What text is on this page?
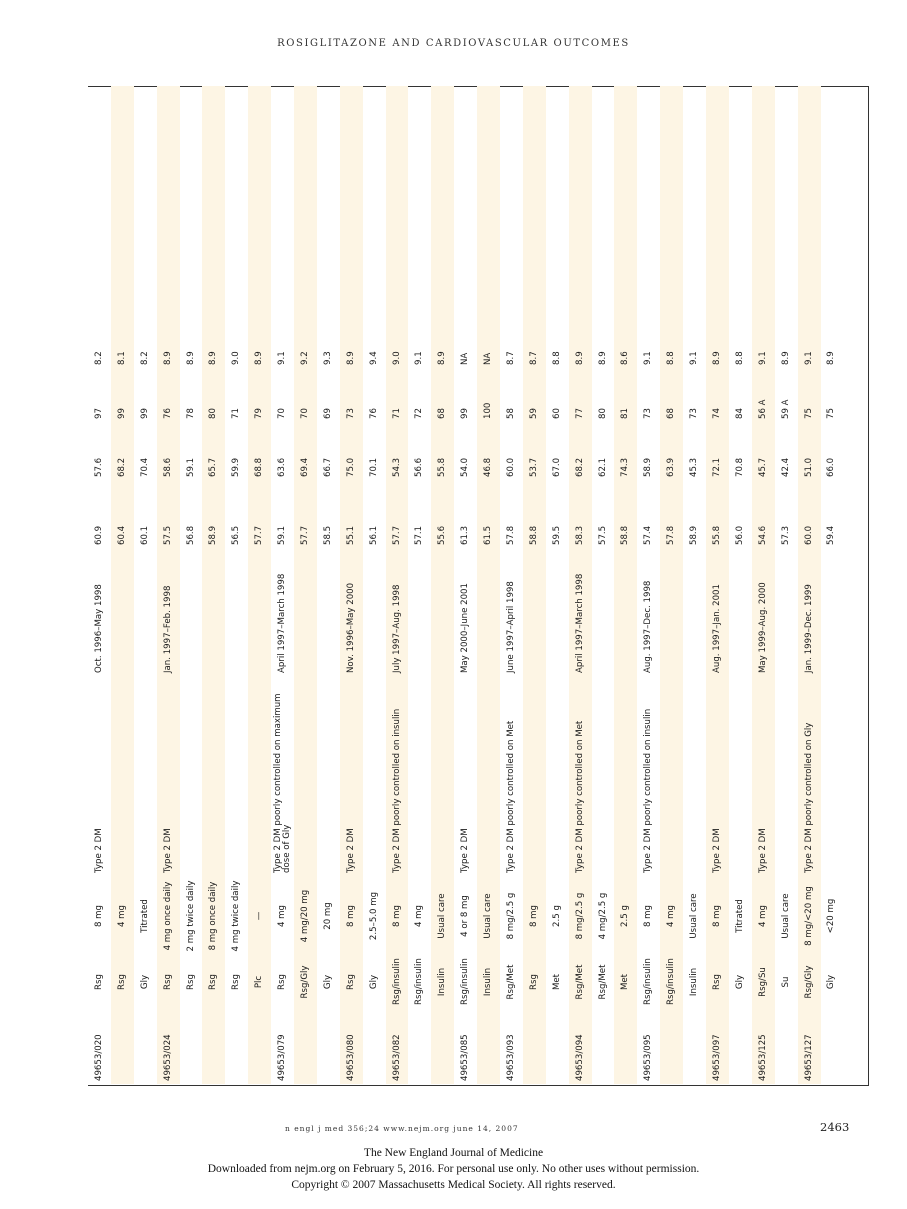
ROSIGLITAZONE AND CARDIOVASCULAR OUTCOMES
49653/020	Rsg	8 mg	Type 2 DM	Oct. 1996–May 1998	60.9	57.6	97	8.2
	Rsg	4 mg			60.4	68.2	99	8.1
	Gly	Titrated			60.1	70.4	99	8.2
49653/024	Rsg	4 mg once daily	Type 2 DM	Jan. 1997–Feb. 1998	57.5	58.6	76	8.9
	Rsg	2 mg twice daily			56.8	59.1	78	8.9
	Rsg	8 mg once daily			58.9	65.7	80	8.9
	Rsg	4 mg twice daily			56.5	59.9	71	9.0
	Plc	—			57.7	68.8	79	8.9
49653/079	Rsg	4 mg	Type 2 DM poorly controlled on maximum dose of Gly	April 1997–March 1998	59.1	63.6	70	9.1
	Rsg/Gly	4 mg/20 mg			57.7	69.4	70	9.2
	Gly	20 mg			58.5	66.7	69	9.3
49653/080	Rsg	8 mg	Type 2 DM	Nov. 1996–May 2000	55.1	75.0	73	8.9
	Gly	2.5–5.0 mg			56.1	70.1	76	9.4
49653/082	Rsg/insulin	8 mg	Type 2 DM poorly controlled on insulin	July 1997–Aug. 1998	57.7	54.3	71	9.0
	Rsg/insulin	4 mg			57.1	56.6	72	9.1
	Insulin	Usual care			55.6	55.8	68	8.9
49653/085	Rsg/insulin	4 or 8 mg	Type 2 DM	May 2000–June 2001	61.3	54.0	99	NA
	Insulin	Usual care			61.5	46.8	100	NA
49653/093	Rsg/Met	8 mg/2.5 g	Type 2 DM poorly controlled on Met	June 1997–April 1998	57.8	60.0	58	8.7
	Rsg	8 mg			58.8	53.7	59	8.7
	Met	2.5 g			59.5	67.0	60	8.8
49653/094	Rsg/Met	8 mg/2.5 g	Type 2 DM poorly controlled on Met	April 1997–March 1998	58.3	68.2	77	8.9
	Rsg/Met	4 mg/2.5 g			57.5	62.1	80	8.9
	Met	2.5 g			58.8	74.3	81	8.6
49653/095	Rsg/insulin	8 mg	Type 2 DM poorly controlled on insulin	Aug. 1997–Dec. 1998	57.4	58.9	73	9.1
	Rsg/insulin	4 mg			57.8	63.9	68	8.8
	Insulin	Usual care			58.9	45.3	73	9.1
49653/097	Rsg	8 mg	Type 2 DM	Aug. 1997–Jan. 2001	55.8	72.1	74	8.9
	Gly	Titrated			56.0	70.8	84	8.8
49653/125	Rsg/Su	4 mg	Type 2 DM	May 1999–Aug. 2000	54.6	45.7	56 A	9.1
	Su	Usual care			57.3	42.4	59 A	8.9
49653/127	Rsg/Gly	8 mg/<20 mg	Type 2 DM poorly controlled on Gly	Jan. 1999–Dec. 1999	60.0	51.0	75	9.1
	Gly	<20 mg			59.4	66.0	75	8.9
n engl j med 356;24 www.nejm.org june 14, 2007	2463
The New England Journal of Medicine
Downloaded from nejm.org on February 5, 2016. For personal use only. No other uses without permission.
Copyright © 2007 Massachusetts Medical Society. All rights reserved.
